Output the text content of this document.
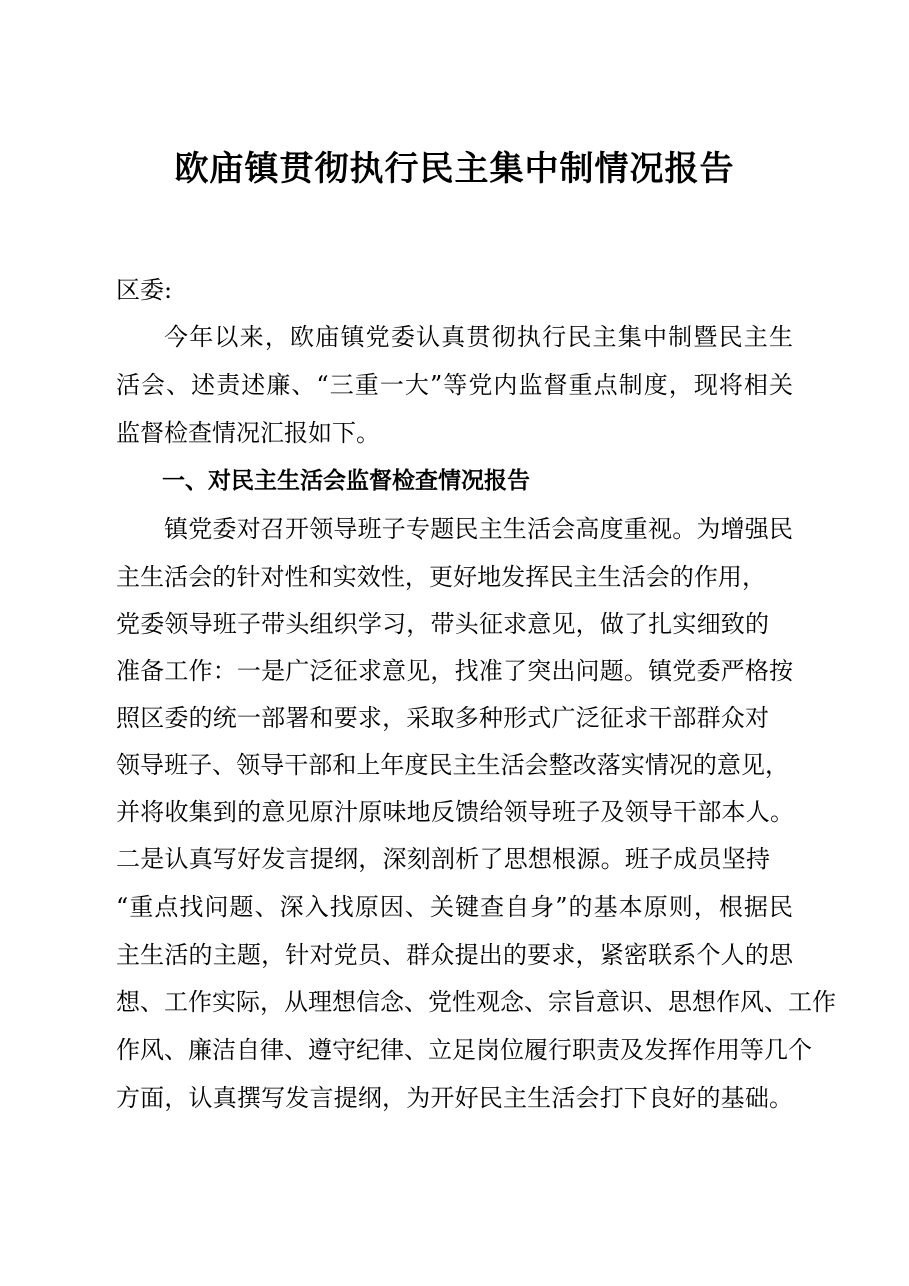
欧庙镇贯彻执行民主集中制情况报告
区委:
今年以来，欧庙镇党委认真贯彻执行民主集中制暨民主生
活会、述责述廉、“三重一大”等党内监督重点制度，现将相关
监督检查情况汇报如下。
一、对民主生活会监督检查情况报告
镇党委对召开领导班子专题民主生活会高度重视。为增强民
主生活会的针对性和实效性，更好地发挥民主生活会的作用，
党委领导班子带头组织学习，带头征求意见，做了扎实细致的
准备工作：一是广泛征求意见，找准了突出问题。镇党委严格按
照区委的统一部署和要求，采取多种形式广泛征求干部群众对
领导班子、领导干部和上年度民主生活会整改落实情况的意见，
并将收集到的意见原汁原味地反馈给领导班子及领导干部本人。
二是认真写好发言提纲，深刻剖析了思想根源。班子成员坚持
“重点找问题、深入找原因、关键查自身”的基本原则，根据民
主生活的主题，针对党员、群众提出的要求，紧密联系个人的思
想、工作实际，从理想信念、党性观念、宗旨意识、思想作风、工作
作风、廉洁自律、遵守纪律、立足岗位履行职责及发挥作用等几个
方面，认真撰写发言提纲，为开好民主生活会打下良好的基础。
